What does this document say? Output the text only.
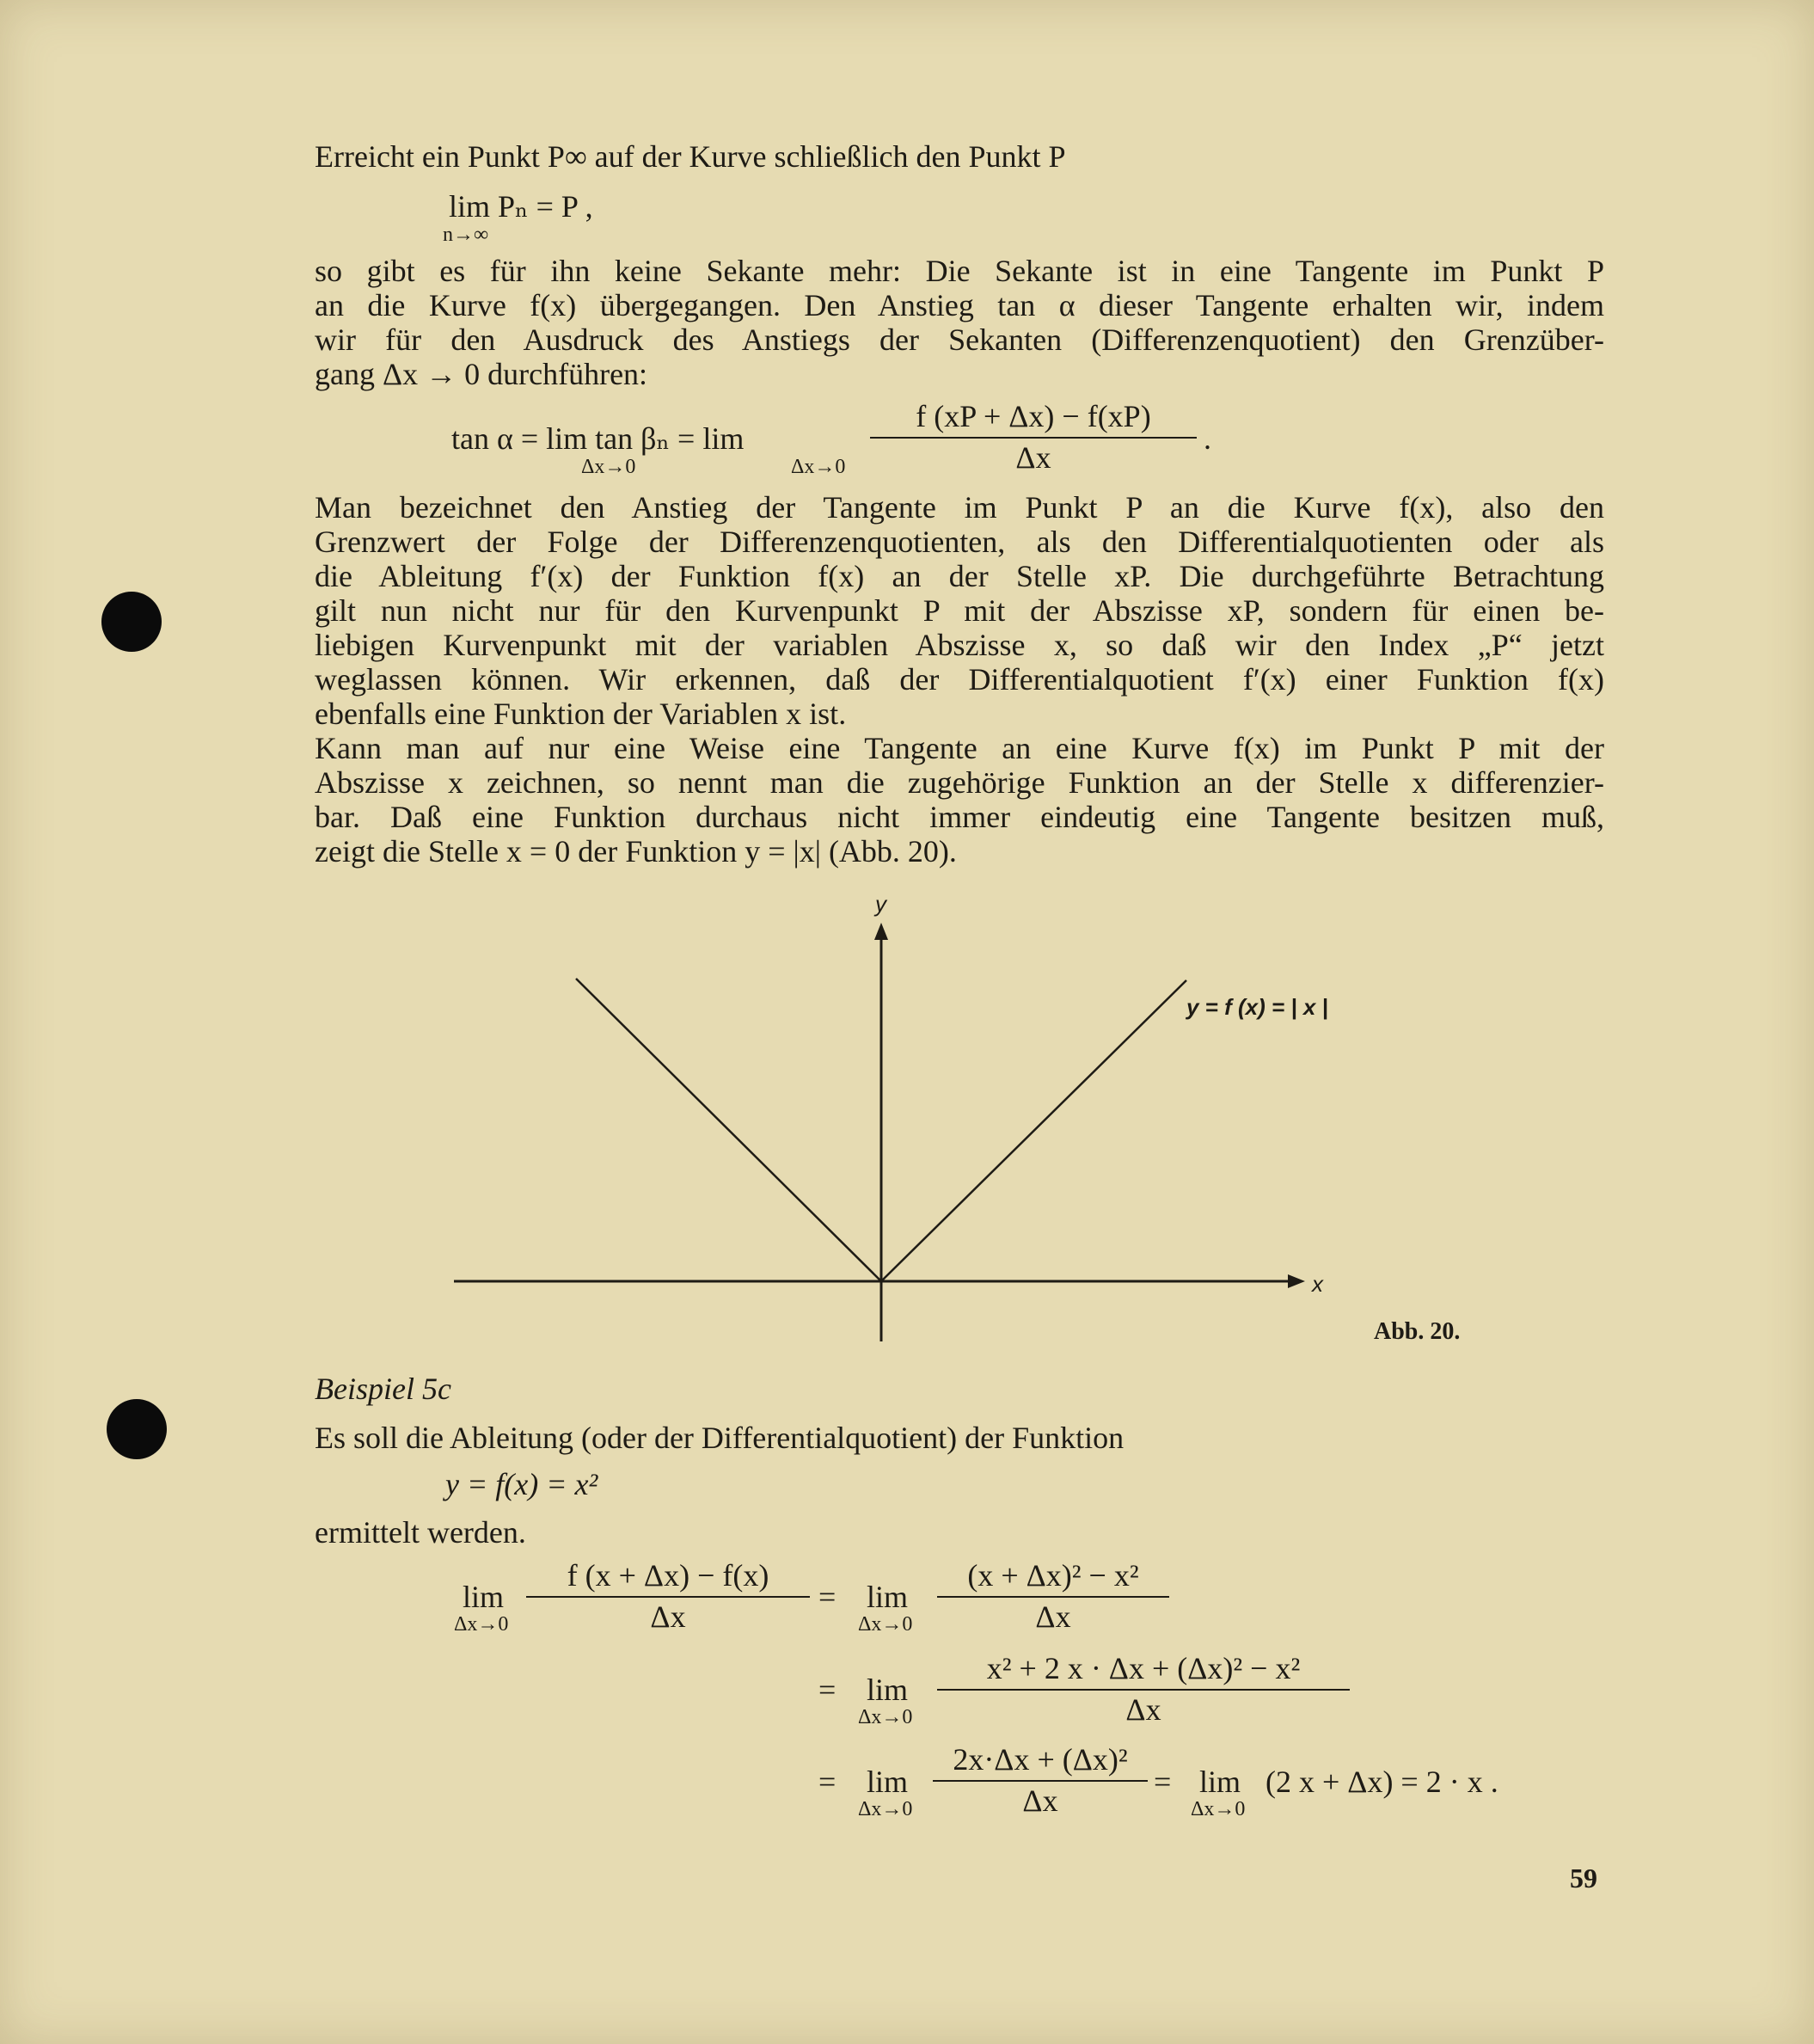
Erreicht ein Punkt P∞ auf der Kurve schließlich den Punkt P
lim Pₙ = P ,
n→∞
so gibt es für ihn keine Sekante mehr: Die Sekante ist in eine Tangente im Punkt P
an die Kurve f(x) übergegangen. Den Anstieg tan α dieser Tangente erhalten wir, indem
wir für den Ausdruck des Anstiegs der Sekanten (Differenzenquotient) den Grenzüber-
gang Δx → 0 durchführen:
tan α = lim tan βₙ = lim
Δx→0	Δx→0
f (xP + Δx) − f(xP)
Δx
.
Man bezeichnet den Anstieg der Tangente im Punkt P an die Kurve f(x), also den
Grenzwert der Folge der Differenzenquotienten, als den Differentialquotienten oder als
die Ableitung f′(x) der Funktion f(x) an der Stelle xP. Die durchgeführte Betrachtung
gilt nun nicht nur für den Kurvenpunkt P mit der Abszisse xP, sondern für einen be-
liebigen Kurvenpunkt mit der variablen Abszisse x, so daß wir den Index „P“ jetzt
weglassen können. Wir erkennen, daß der Differentialquotient f′(x) einer Funktion f(x)
ebenfalls eine Funktion der Variablen x ist.
Kann man auf nur eine Weise eine Tangente an eine Kurve f(x) im Punkt P mit der
Abszisse x zeichnen, so nennt man die zugehörige Funktion an der Stelle x differenzier-
bar. Daß eine Funktion durchaus nicht immer eindeutig eine Tangente besitzen muß,
zeigt die Stelle x = 0 der Funktion y = |x| (Abb. 20).
y
x
y = f (x) = | x |
Abb. 20.
Beispiel 5c
Es soll die Ableitung (oder der Differentialquotient) der Funktion
y = f(x) = x²
ermittelt werden.
lim
Δx→0
f (x + Δx) − f(x)
Δx
= lim
Δx→0
(x + Δx)² − x²
Δx
= lim
Δx→0
x² + 2 x · Δx + (Δx)² − x²
Δx
= lim
Δx→0
2x·Δx + (Δx)²
Δx
= lim
Δx→0
(2 x + Δx) = 2 · x .
59
